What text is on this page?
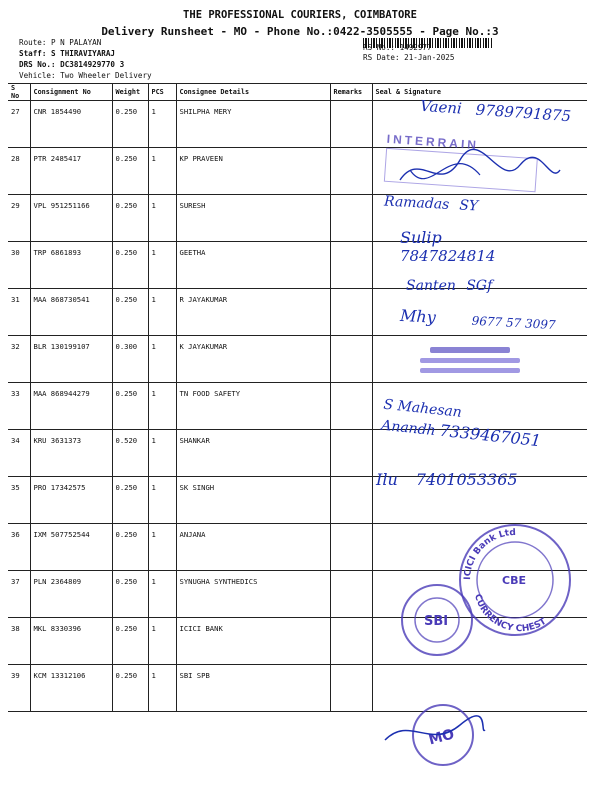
THE PROFESSIONAL COURIERS, COIMBATORE
Delivery Runsheet - MO - Phone No.:0422-3505555 - Page No.:3
Route: P N PALAYAN
Staff: S THIRAVIYARAJ
DRS No.: DC3814929770 3
Vehicle: Two Wheeler Delivery
RS No.: 1492977
RS Date: 21-Jan-2025
S No	Consignment No	Weight	PCS	Consignee Details	Remarks	Seal & Signature
27	CNR 1854490	0.250	1	SHILPHA MERY		
28	PTR 2485417	0.250	1	KP PRAVEEN		
29	VPL 951251166	0.250	1	SURESH		
30	TRP 6861893	0.250	1	GEETHA		
31	MAA 868730541	0.250	1	R JAYAKUMAR		
32	BLR 130199107	0.300	1	K JAYAKUMAR		
33	MAA 868944279	0.250	1	TN FOOD SAFETY		
34	KRU 3631373	0.520	1	SHANKAR		
35	PRO 17342575	0.250	1	SK SINGH		
36	IXM 507752544	0.250	1	ANJANA		
37	PLN 2364809	0.250	1	SYNUGHA SYNTHEDICS		
38	MKL 8330396	0.250	1	ICICI BANK		
39	KCM 13312106	0.250	1	SBI SPB		
Vaeni 9789791875
Ramadas SY
Sulip
7847824814
Santen SGf
Mhy	9677 57 3097
S Mahesan
Anandh 7339467051
Ilu 7401053365
INTERRAIN
ICICI Bank Ltd
CURRENCY CHEST
CBE
SBI
MO
